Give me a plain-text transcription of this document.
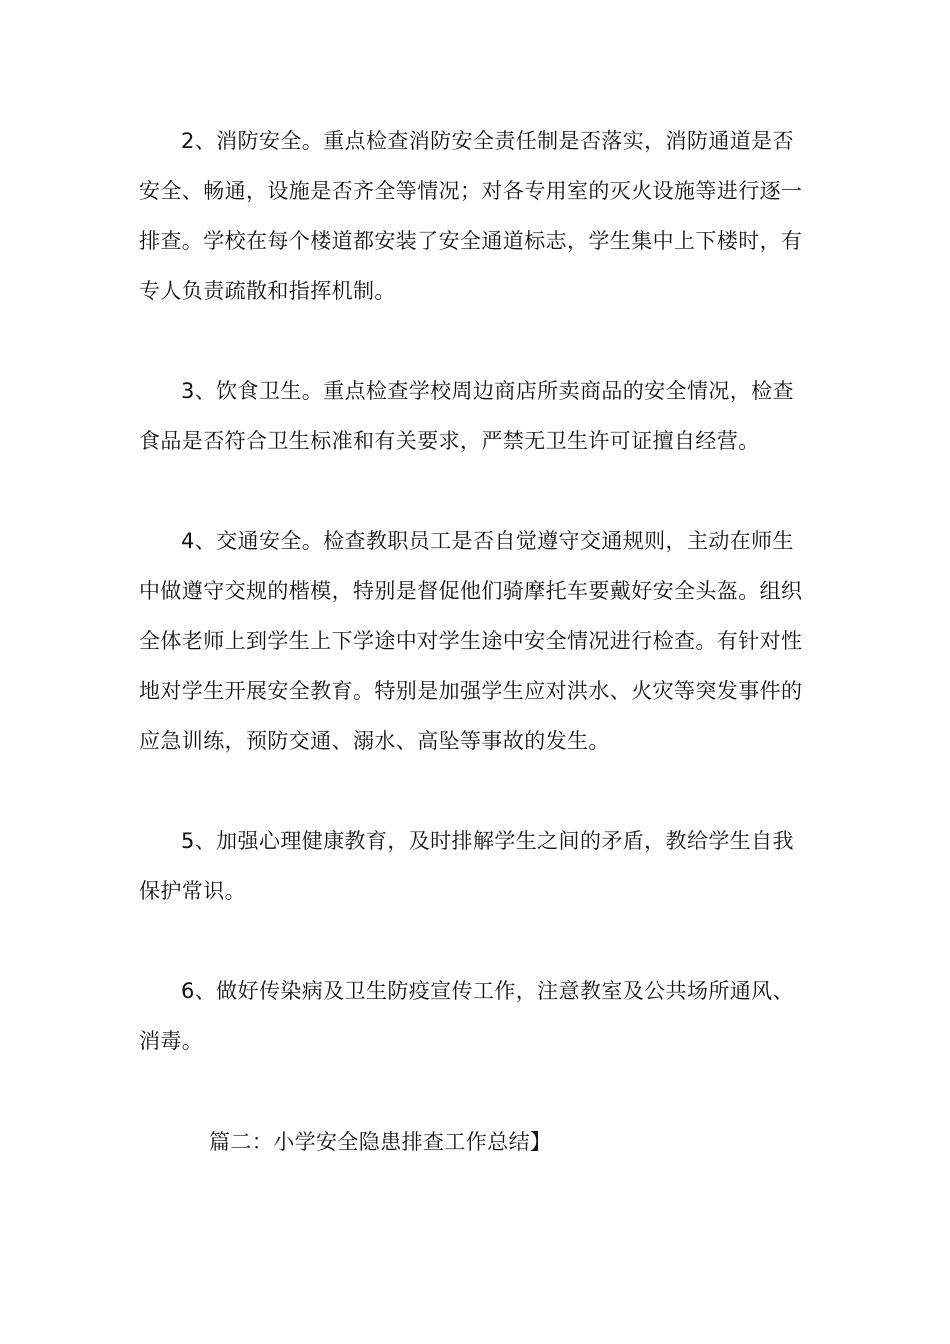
2、消防安全。重点检查消防安全责任制是否落实，消防通道是否安全、畅通，设施是否齐全等情况；对各专用室的灭火设施等进行逐一排查。学校在每个楼道都安装了安全通道标志，学生集中上下楼时，有专人负责疏散和指挥机制。

3、饮食卫生。重点检查学校周边商店所卖商品的安全情况，检查食品是否符合卫生标准和有关要求，严禁无卫生许可证擅自经营。

4、交通安全。检查教职员工是否自觉遵守交通规则，主动在师生中做遵守交规的楷模，特别是督促他们骑摩托车要戴好安全头盔。组织全体老师上到学生上下学途中对学生途中安全情况进行检查。有针对性地对学生开展安全教育。特别是加强学生应对洪水、火灾等突发事件的应急训练，预防交通、溺水、高坠等事故的发生。

5、加强心理健康教育，及时排解学生之间的矛盾，教给学生自我保护常识。

6、做好传染病及卫生防疫宣传工作，注意教室及公共场所通风、消毒。

篇二：小学安全隐患排查工作总结】
